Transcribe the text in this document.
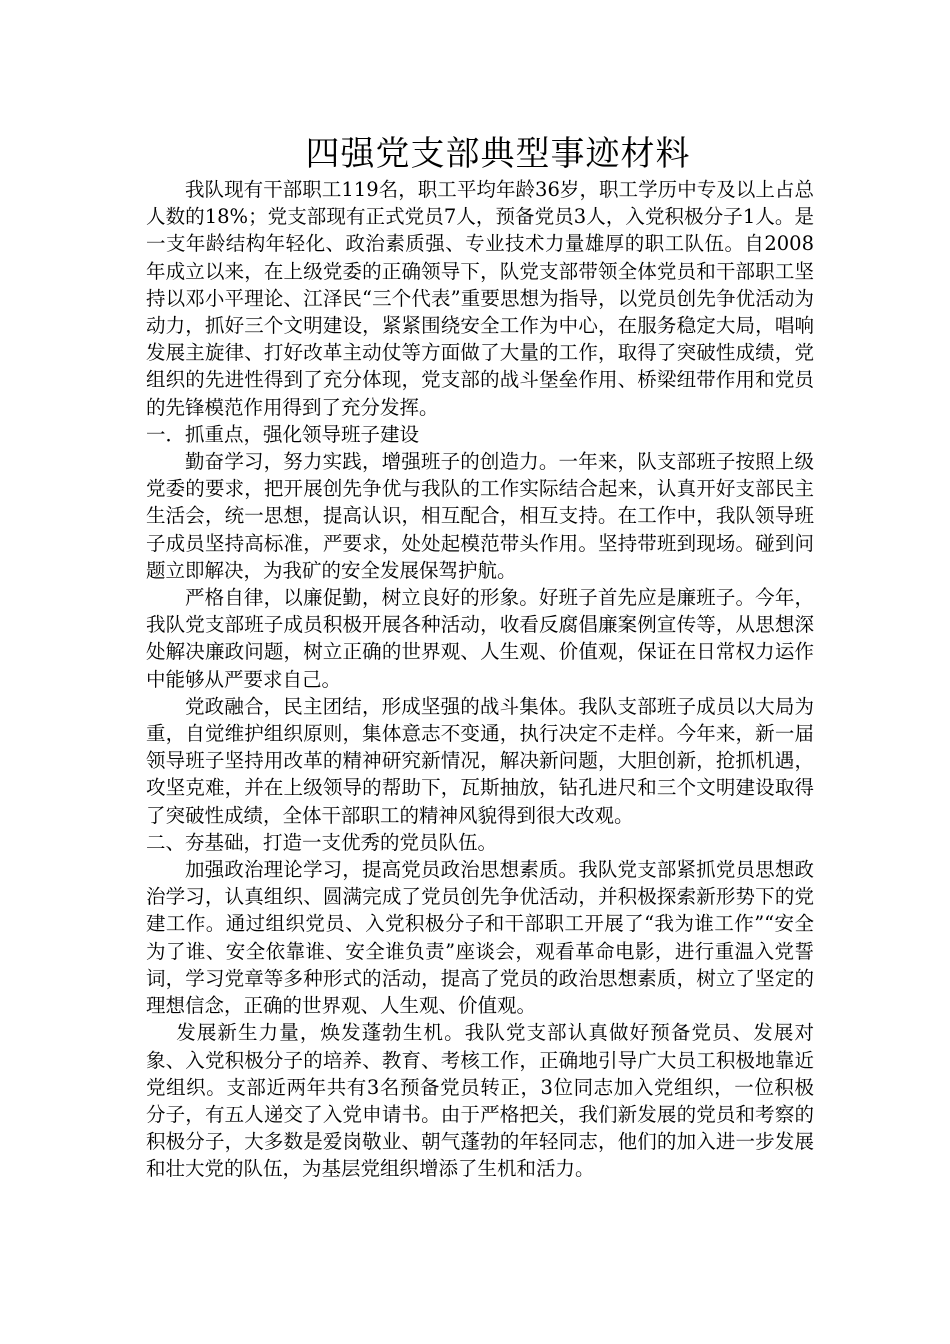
四强党支部典型事迹材料

我队现有干部职工119名，职工平均年龄36岁，职工学历中专及以上占总人数的18%；党支部现有正式党员7人，预备党员3人，入党积极分子1人。是一支年龄结构年轻化、政治素质强、专业技术力量雄厚的职工队伍。自2008年成立以来，在上级党委的正确领导下，队党支部带领全体党员和干部职工坚持以邓小平理论、江泽民“三个代表”重要思想为指导，以党员创先争优活动为动力，抓好三个文明建设，紧紧围绕安全工作为中心，在服务稳定大局，唱响发展主旋律、打好改革主动仗等方面做了大量的工作，取得了突破性成绩，党组织的先进性得到了充分体现，党支部的战斗堡垒作用、桥梁纽带作用和党员的先锋模范作用得到了充分发挥。

一．抓重点，强化领导班子建设

勤奋学习，努力实践，增强班子的创造力。一年来，队支部班子按照上级党委的要求，把开展创先争优与我队的工作实际结合起来，认真开好支部民主生活会，统一思想，提高认识，相互配合，相互支持。在工作中，我队领导班子成员坚持高标准，严要求，处处起模范带头作用。坚持带班到现场。碰到问题立即解决，为我矿的安全发展保驾护航。

严格自律，以廉促勤，树立良好的形象。好班子首先应是廉班子。今年，我队党支部班子成员积极开展各种活动，收看反腐倡廉案例宣传等，从思想深处解决廉政问题，树立正确的世界观、人生观、价值观，保证在日常权力运作中能够从严要求自己。

党政融合，民主团结，形成坚强的战斗集体。我队支部班子成员以大局为重，自觉维护组织原则，集体意志不变通，执行决定不走样。今年来，新一届领导班子坚持用改革的精神研究新情况，解决新问题，大胆创新，抢抓机遇，攻坚克难，并在上级领导的帮助下，瓦斯抽放，钻孔进尺和三个文明建设取得了突破性成绩，全体干部职工的精神风貌得到很大改观。

二、夯基础，打造一支优秀的党员队伍。

加强政治理论学习，提高党员政治思想素质。我队党支部紧抓党员思想政治学习，认真组织、圆满完成了党员创先争优活动，并积极探索新形势下的党建工作。通过组织党员、入党积极分子和干部职工开展了“我为谁工作”“安全为了谁、安全依靠谁、安全谁负责”座谈会，观看革命电影，进行重温入党誓词，学习党章等多种形式的活动，提高了党员的政治思想素质，树立了坚定的理想信念，正确的世界观、人生观、价值观。

发展新生力量，焕发蓬勃生机。我队党支部认真做好预备党员、发展对象、入党积极分子的培养、教育、考核工作，正确地引导广大员工积极地靠近党组织。支部近两年共有3名预备党员转正，3位同志加入党组织，一位积极分子，有五人递交了入党申请书。由于严格把关，我们新发展的党员和考察的积极分子，大多数是爱岗敬业、朝气蓬勃的年轻同志，他们的加入进一步发展和壮大党的队伍，为基层党组织增添了生机和活力。
